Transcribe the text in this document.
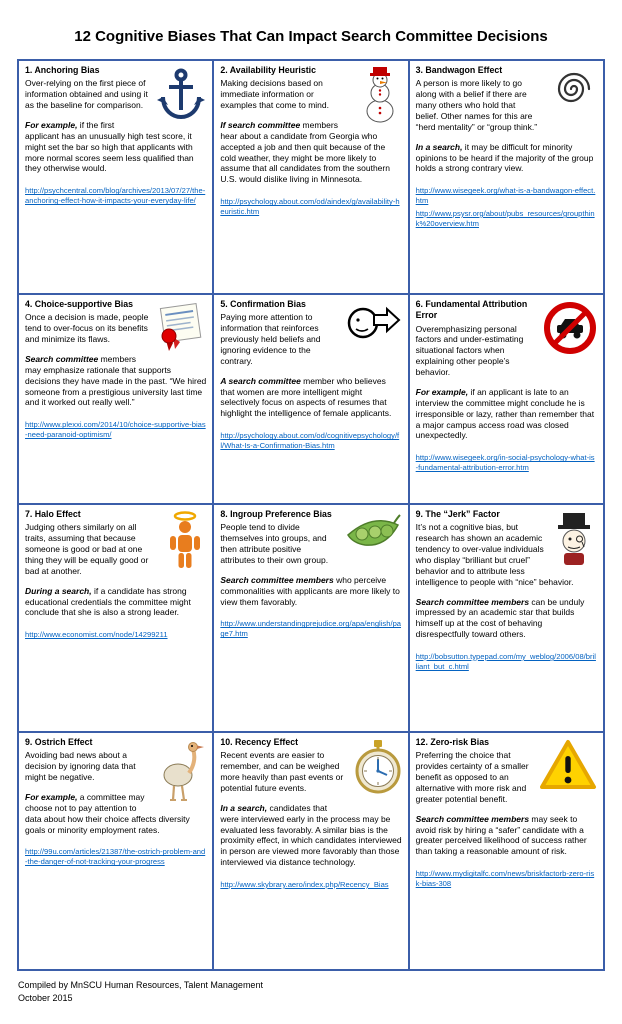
12 Cognitive Biases That Can Impact Search Committee Decisions
1. Anchoring Bias
Over-relying on the first piece of information obtained and using it as the baseline for comparison.

For example, if the first applicant has an unusually high test score, it might set the bar so high that applicants with more normal scores seem less qualified than they otherwise would.

http://psychcentral.com/blog/archives/2013/07/27/the-anchoring-effect-how-it-impacts-your-everyday-life/

2. Availability Heuristic
Making decisions based on immediate information or examples that come to mind.

If search committee members hear about a candidate from Georgia who accepted a job and then quit because of the cold weather, they might be more likely to assume that all candidates from the southern U.S. would dislike living in Minnesota.

http://psychology.about.com/od/aindex/g/availability-heuristic.htm

3. Bandwagon Effect
A person is more likely to go along with a belief if there are many others who hold that belief. Other names for this are “herd mentality” or “group think.”

In a search, it may be difficult for minority opinions to be heard if the majority of the group holds a strong contrary view.

http://www.wisegeek.org/what-is-a-bandwagon-effect.htm
http://www.psysr.org/about/pubs_resources/groupthink%20overview.htm

4. Choice-supportive Bias
Once a decision is made, people tend to over-focus on its benefits and minimize its flaws.

Search committee members may emphasize rationale that supports decisions they have made in the past. “We hired someone from a prestigious university last time and it worked out really well.”

http://www.plexxi.com/2014/10/choice-supportive-bias-need-paranoid-optimism/

5. Confirmation Bias
Paying more attention to information that reinforces previously held beliefs and ignoring evidence to the contrary.

A search committee member who believes that women are more intelligent might selectively focus on aspects of resumes that highlight the intelligence of female applicants.

http://psychology.about.com/od/cognitivepsychology/fl/What-Is-a-Confirmation-Bias.htm

6. Fundamental Attribution Error
Overemphasizing personal factors and under-estimating situational factors when explaining other people’s behavior.

For example, if an applicant is late to an interview the committee might conclude he is irresponsible or lazy, rather than remember that a major campus access road was closed unexpectedly.

http://www.wisegeek.org/in-social-psychology-what-is-fundamental-attribution-error.htm

7. Halo Effect
Judging others similarly on all traits, assuming that because someone is good or bad at one thing they will be equally good or bad at another.

During a search, if a candidate has strong educational credentials the committee might conclude that she is also a strong leader.

http://www.economist.com/node/14299211

8. Ingroup Preference Bias
People tend to divide themselves into groups, and then attribute positive attributes to their own group.

Search committee members who perceive commonalities with applicants are more likely to view them favorably.

http://www.understandingprejudice.org/apa/english/page7.htm

9. The “Jerk” Factor
It’s not a cognitive bias, but research has shown an academic tendency to over-value individuals who display “brilliant but cruel” behavior and to attribute less intelligence to people with “nice” behavior.

Search committee members can be unduly impressed by an academic star that builds himself up at the cost of behaving disrespectfully toward others.

http://bobsutton.typepad.com/my_weblog/2006/08/brilliant_but_c.html

9. Ostrich Effect
Avoiding bad news about a decision by ignoring data that might be negative.

For example, a committee may choose not to pay attention to data about how their choice affects diversity goals or minority employment rates.

http://99u.com/articles/21387/the-ostrich-problem-and-the-danger-of-not-tracking-your-progress

10. Recency Effect
Recent events are easier to remember, and can be weighed more heavily than past events or potential future events.

In a search, candidates that were interviewed early in the process may be evaluated less favorably. A similar bias is the proximity effect, in which candidates interviewed in person are viewed more favorably than those interviewed via distance technology.

http://www.skybrary.aero/index.php/Recency_Bias

12. Zero-risk Bias
Preferring the choice that provides certainty of a smaller benefit as opposed to an alternative with more risk and greater potential benefit.

Search committee members may seek to avoid risk by hiring a “safer” candidate with a greater perceived likelihood of success rather than taking a reasonable amount of risk.

http://www.mydigitalfc.com/news/briskfactorb-zero-risk-bias-308
Compiled by MnSCU Human Resources, Talent Management
October 2015
